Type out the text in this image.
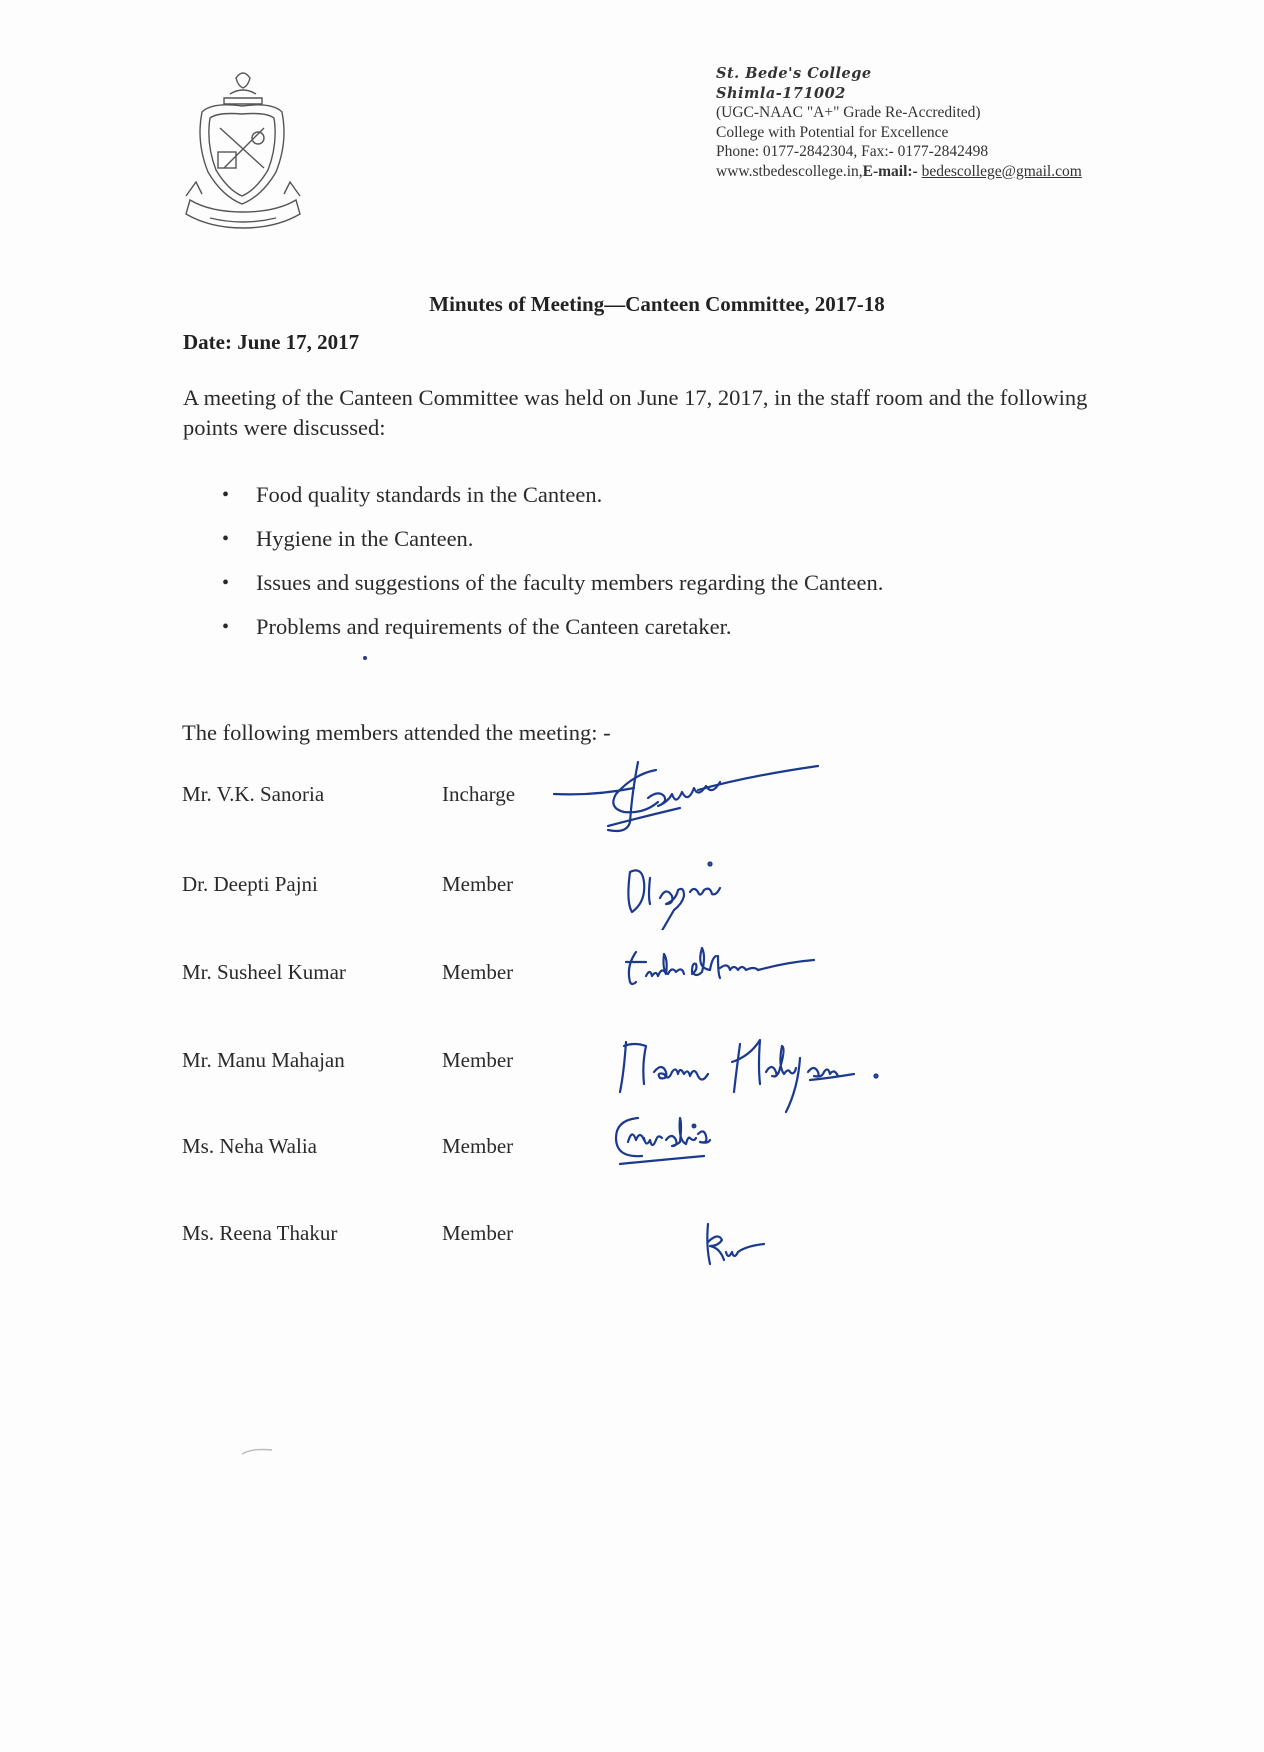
St. Bede's College
Shimla-171002
(UGC-NAAC "A+" Grade Re-Accredited)
College with Potential for Excellence
Phone: 0177-2842304, Fax:- 0177-2842498
www.stbedescollege.in,E-mail:- bedescollege@gmail.com
Minutes of Meeting—Canteen Committee, 2017-18
Date: June 17, 2017
A meeting of the Canteen Committee was held on June 17, 2017, in the staff room and the following points were discussed:
• Food quality standards in the Canteen.
• Hygiene in the Canteen.
• Issues and suggestions of the faculty members regarding the Canteen.
• Problems and requirements of the Canteen caretaker.
The following members attended the meeting: -
Mr. V.K. Sanoria	Incharge
Dr. Deepti Pajni	Member
Mr. Susheel Kumar	Member
Mr. Manu Mahajan	Member
Ms. Neha Walia	Member
Ms. Reena Thakur	Member
